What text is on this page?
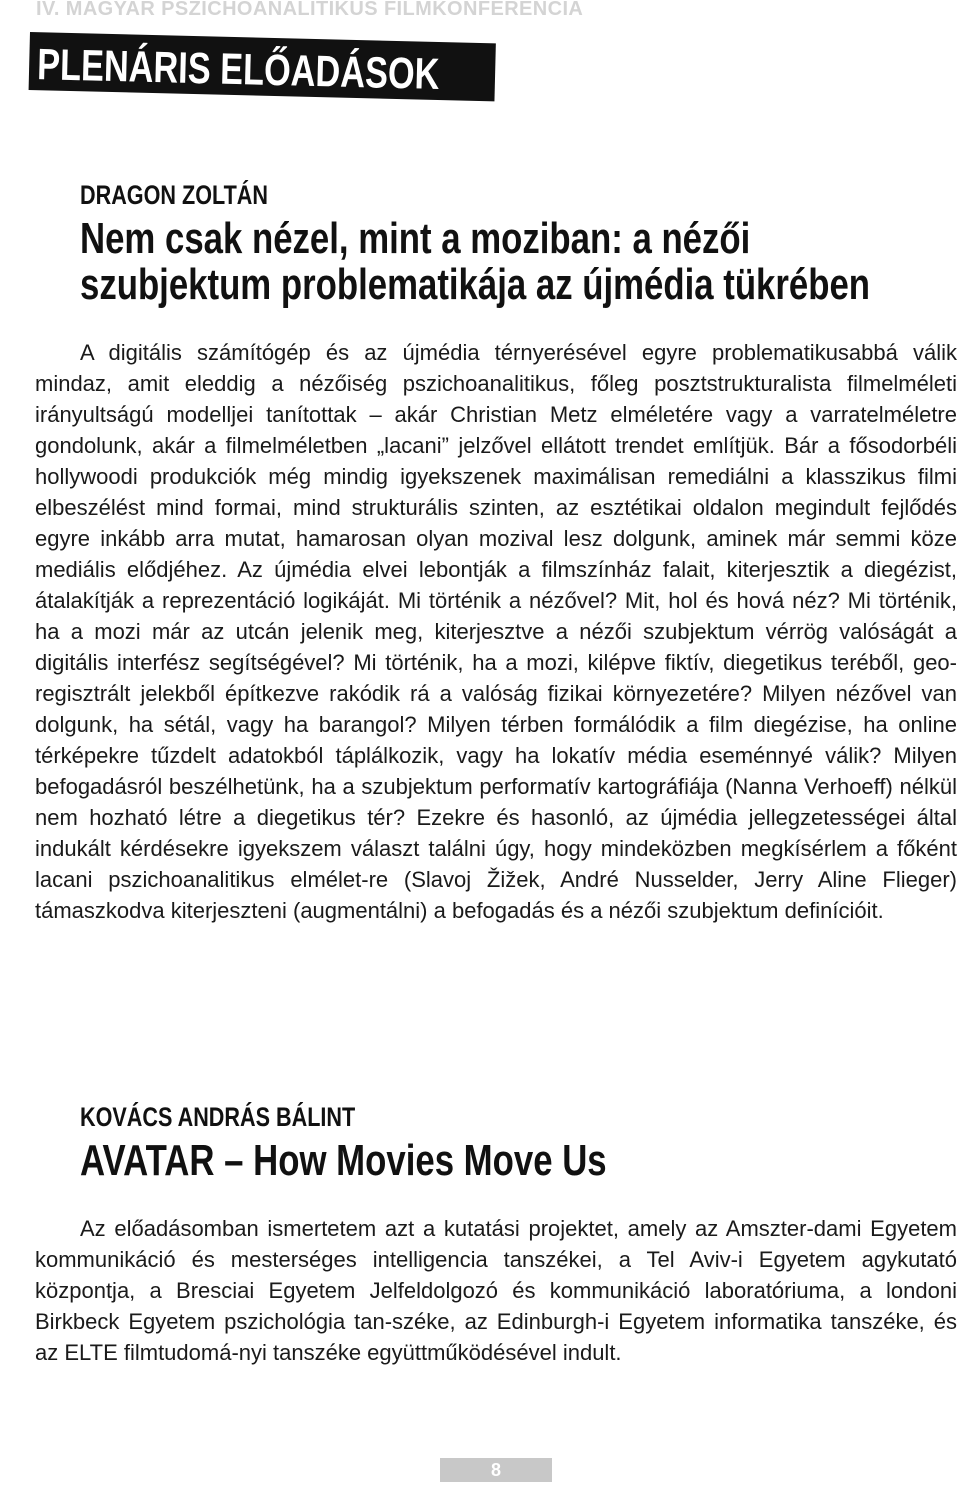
IV. MAGYAR PSZICHOANALITIKUS FILMKONFERENCIA
PLENÁRIS ELŐADÁSOK
DRAGON ZOLTÁN
Nem csak nézel, mint a moziban: a nézői
szubjektum problematikája az újmédia tükrében

A digitális számítógép és az újmédia térnyerésével egyre problematikusabbá válik mindaz, amit eleddig a nézőiség pszichoanalitikus, főleg posztstrukturalista filmelméleti irányultságú modelljei tanítottak – akár Christian Metz elméletére vagy a varratelméletre gondolunk, akár a filmelméletben „lacani” jelzővel ellátott trendet említjük. Bár a fősodorbéli hollywoodi produkciók még mindig igyekszenek maximálisan remediálni a klasszikus filmi elbeszélést mind formai, mind strukturális szinten, az esztétikai oldalon megindult fejlődés egyre inkább arra mutat, hamarosan olyan mozival lesz dolgunk, aminek már semmi köze mediális elődjéhez. Az újmédia elvei lebontják a filmszínház falait, kiterjesztik a diegézist, átalakítják a reprezentáció logikáját. Mi történik a nézővel? Mit, hol és hová néz? Mi történik, ha a mozi már az utcán jelenik meg, kiterjesztve a nézői szubjektum vérrög valóságát a digitális interfész segítségével? Mi történik, ha a mozi, kilépve fiktív, diegetikus teréből, geo- regisztrált jelekből építkezve rakódik rá a valóság fizikai környezetére? Milyen nézővel van dolgunk, ha sétál, vagy ha barangol? Milyen térben formálódik a film diegézise, ha online térképekre tűzdelt adatokból táplálkozik, vagy ha lokatív média eseménnyé válik? Milyen befogadásról beszélhetünk, ha a szubjektum performatív kartográfiája (Nanna Verhoeff) nélkül nem hozható létre a diegetikus tér? Ezekre és hasonló, az újmédia jellegzetességei által indukált kérdésekre igyekszem választ találni úgy, hogy mindeközben megkísérlem a főként lacani pszichoanalitikus elmélet-re (Slavoj Žižek, André Nusselder, Jerry Aline Flieger) támaszkodva kiterjeszteni (augmentálni) a befogadás és a nézői szubjektum definícióit.

KOVÁCS ANDRÁS BÁLINT
AVATAR – How Movies Move Us

Az előadásomban ismertetem azt a kutatási projektet, amely az Amszter-dami Egyetem kommunikáció és mesterséges intelligencia tanszékei, a Tel Aviv-i Egyetem agykutató központja, a Bresciai Egyetem Jelfeldolgozó és kommunikáció laboratóriuma, a londoni Birkbeck Egyetem pszichológia tan-széke, az Edinburgh-i Egyetem informatika tanszéke, és az ELTE filmtudomá-nyi tanszéke együttműködésével indult.

8
